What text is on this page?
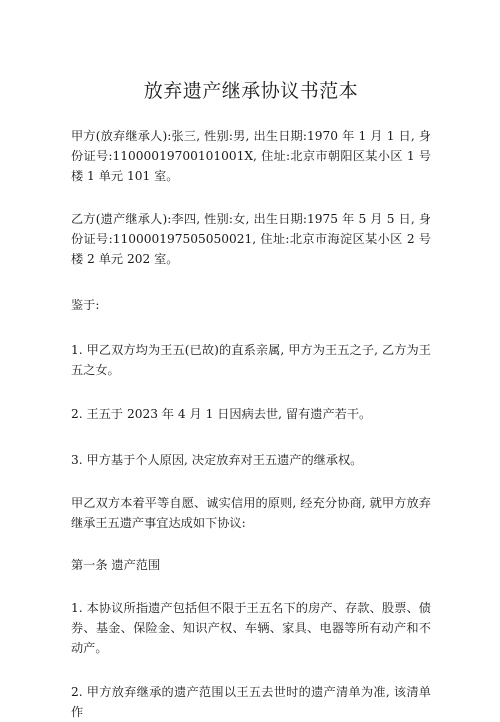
放弃遗产继承协议书范本

甲方(放弃继承人):张三, 性别:男, 出生日期:1970 年 1 月 1 日, 身份证号:11000019700101001X, 住址:北京市朝阳区某小区 1 号楼 1 单元 101 室。

乙方(遗产继承人):李四, 性别:女, 出生日期:1975 年 5 月 5 日, 身份证号:110000197505050021, 住址:北京市海淀区某小区 2 号楼 2 单元 202 室。

鉴于:

1. 甲乙双方均为王五(已故)的直系亲属, 甲方为王五之子, 乙方为王五之女。

2. 王五于 2023 年 4 月 1 日因病去世, 留有遗产若干。

3. 甲方基于个人原因, 决定放弃对王五遗产的继承权。

甲乙双方本着平等自愿、诚实信用的原则, 经充分协商, 就甲方放弃继承王五遗产事宜达成如下协议:

第一条 遗产范围

1. 本协议所指遗产包括但不限于王五名下的房产、存款、股票、债券、基金、保险金、知识产权、车辆、家具、电器等所有动产和不动产。

2. 甲方放弃继承的遗产范围以王五去世时的遗产清单为准, 该清单作
